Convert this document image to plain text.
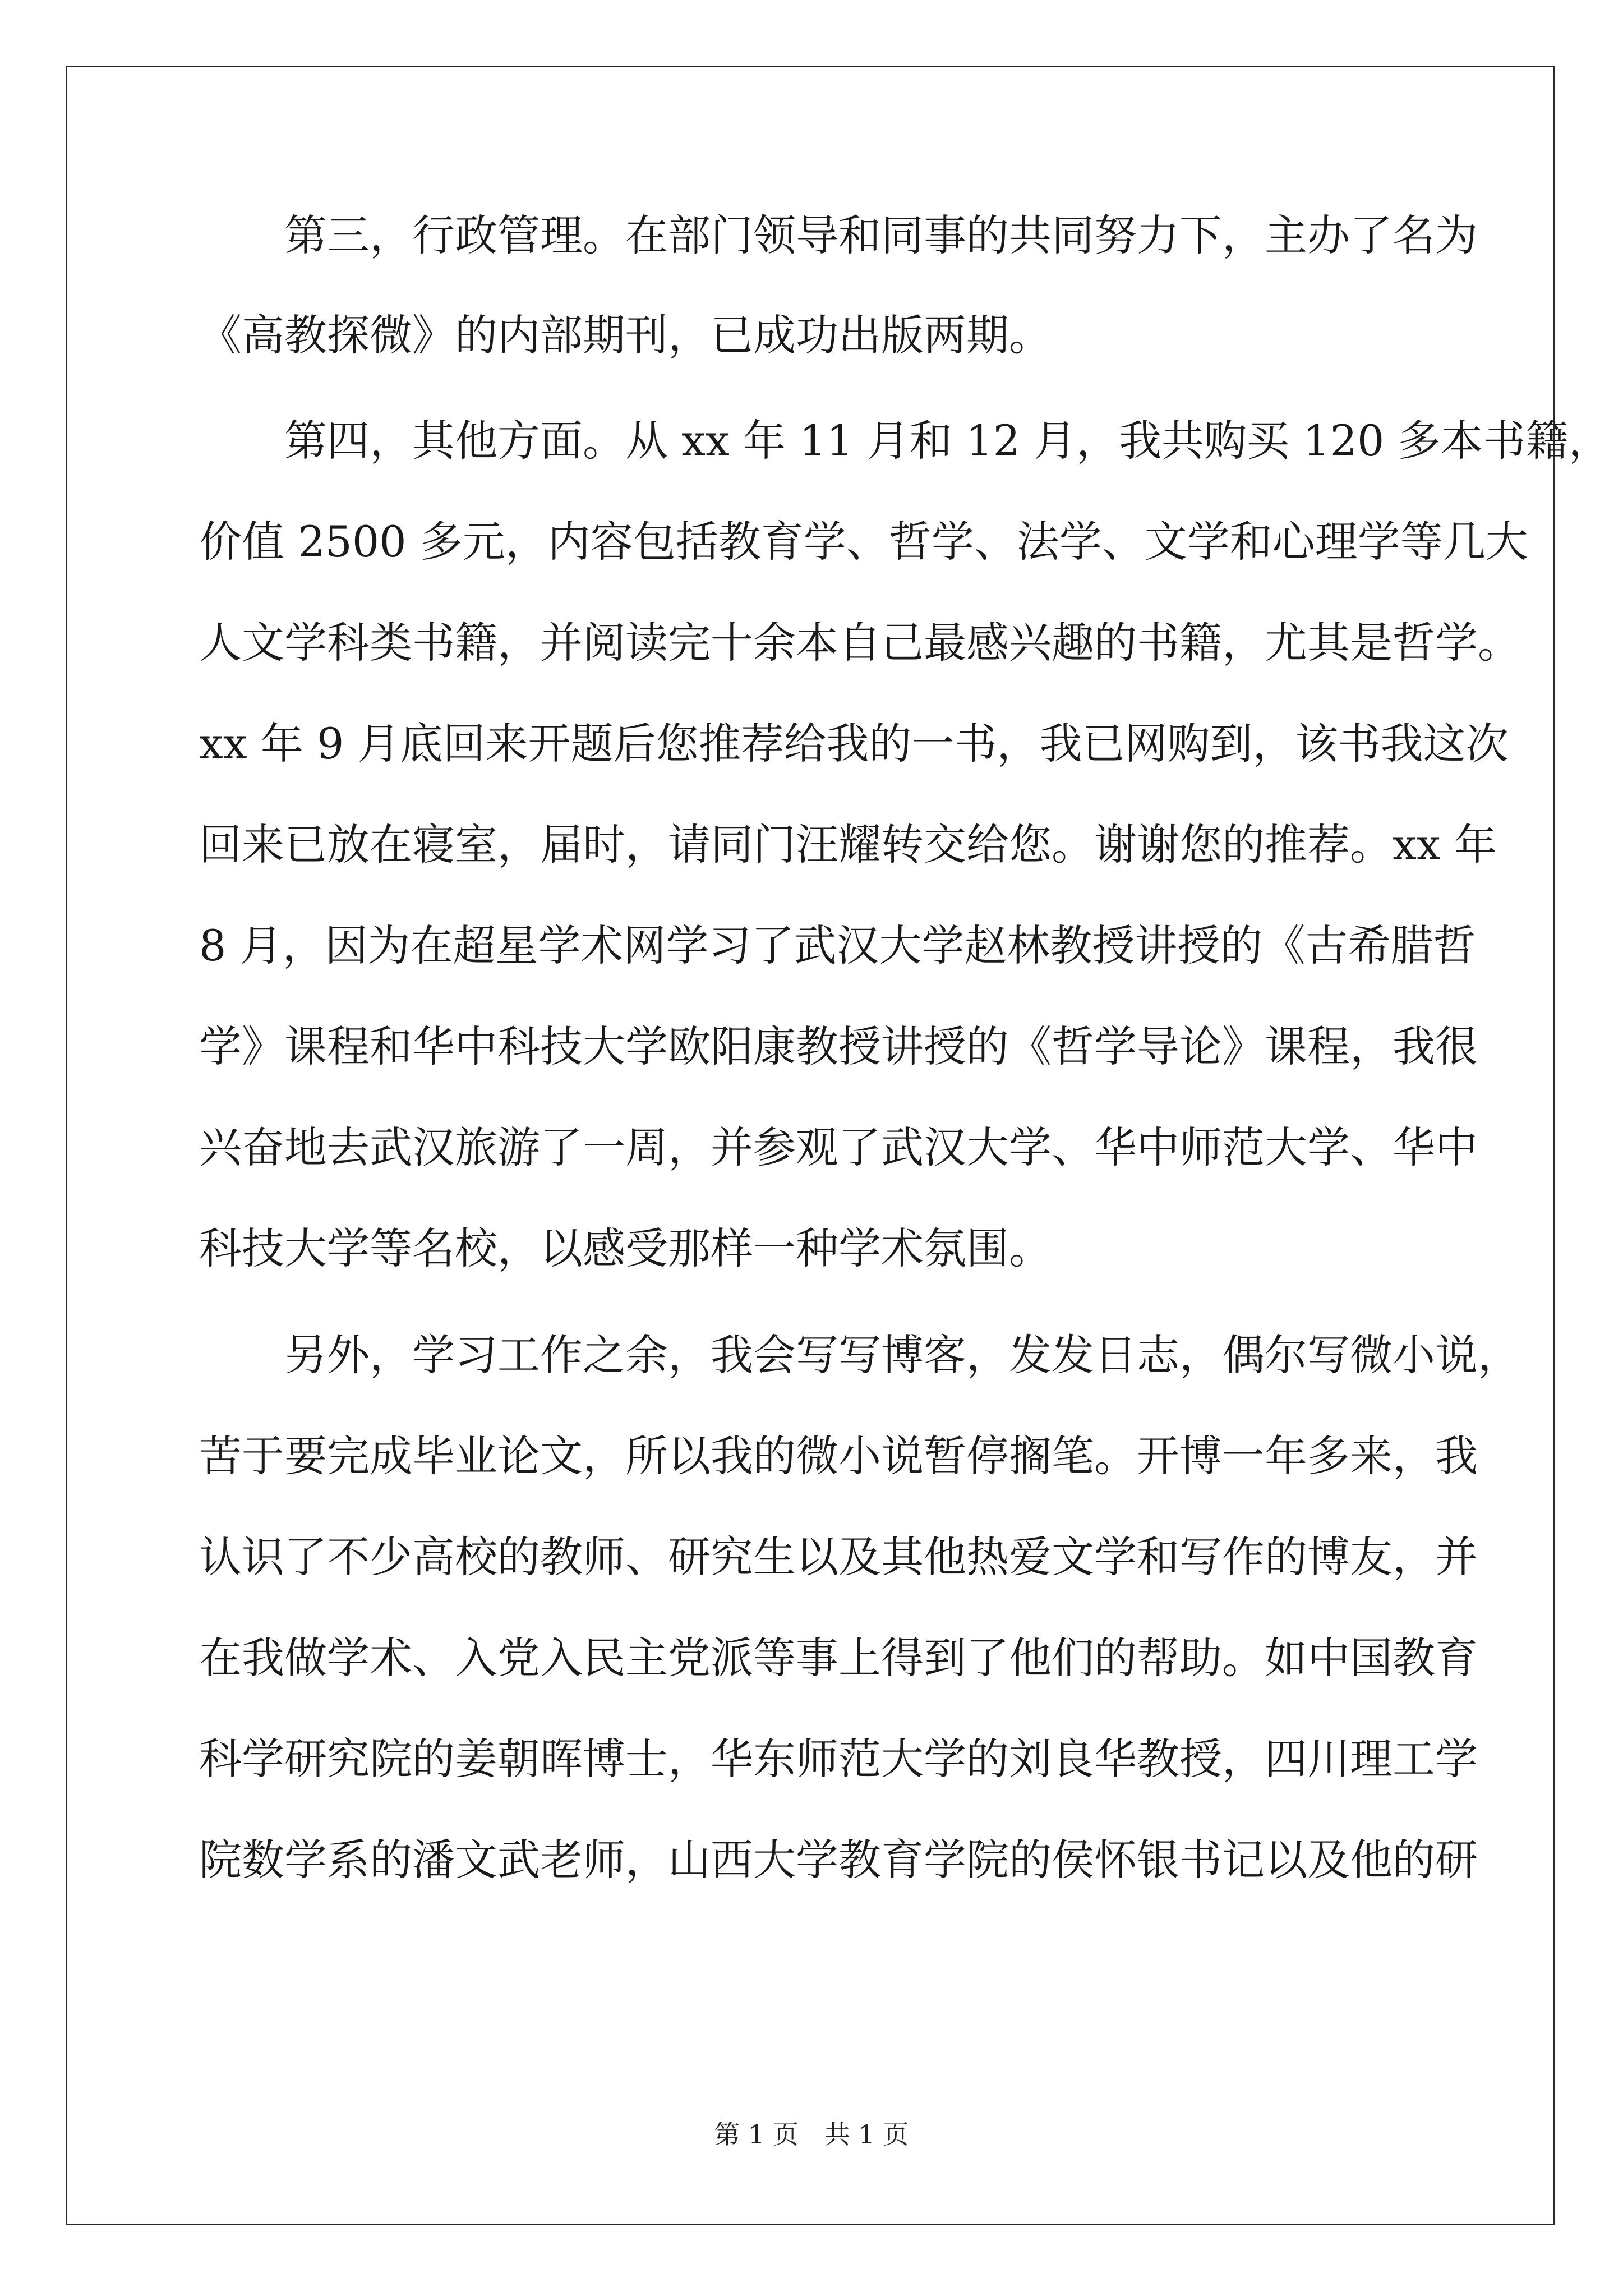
　　第三，行政管理。在部门领导和同事的共同努力下，主办了名为
《高教探微》的内部期刊，已成功出版两期。
　　第四，其他方面。从 xx 年 11 月和 12 月，我共购买 120 多本书籍，
价值 2500 多元，内容包括教育学、哲学、法学、文学和心理学等几大
人文学科类书籍，并阅读完十余本自己最感兴趣的书籍，尤其是哲学。
xx 年 9 月底回来开题后您推荐给我的一书，我已网购到，该书我这次
回来已放在寝室，届时，请同门汪耀转交给您。谢谢您的推荐。xx 年
8 月，因为在超星学术网学习了武汉大学赵林教授讲授的《古希腊哲
学》课程和华中科技大学欧阳康教授讲授的《哲学导论》课程，我很
兴奋地去武汉旅游了一周，并参观了武汉大学、华中师范大学、华中
科技大学等名校，以感受那样一种学术氛围。
　　另外，学习工作之余，我会写写博客，发发日志，偶尔写微小说，
苦于要完成毕业论文，所以我的微小说暂停搁笔。开博一年多来，我
认识了不少高校的教师、研究生以及其他热爱文学和写作的博友，并
在我做学术、入党入民主党派等事上得到了他们的帮助。如中国教育
科学研究院的姜朝晖博士，华东师范大学的刘良华教授，四川理工学
院数学系的潘文武老师，山西大学教育学院的侯怀银书记以及他的研
第 1 页　共 1 页
